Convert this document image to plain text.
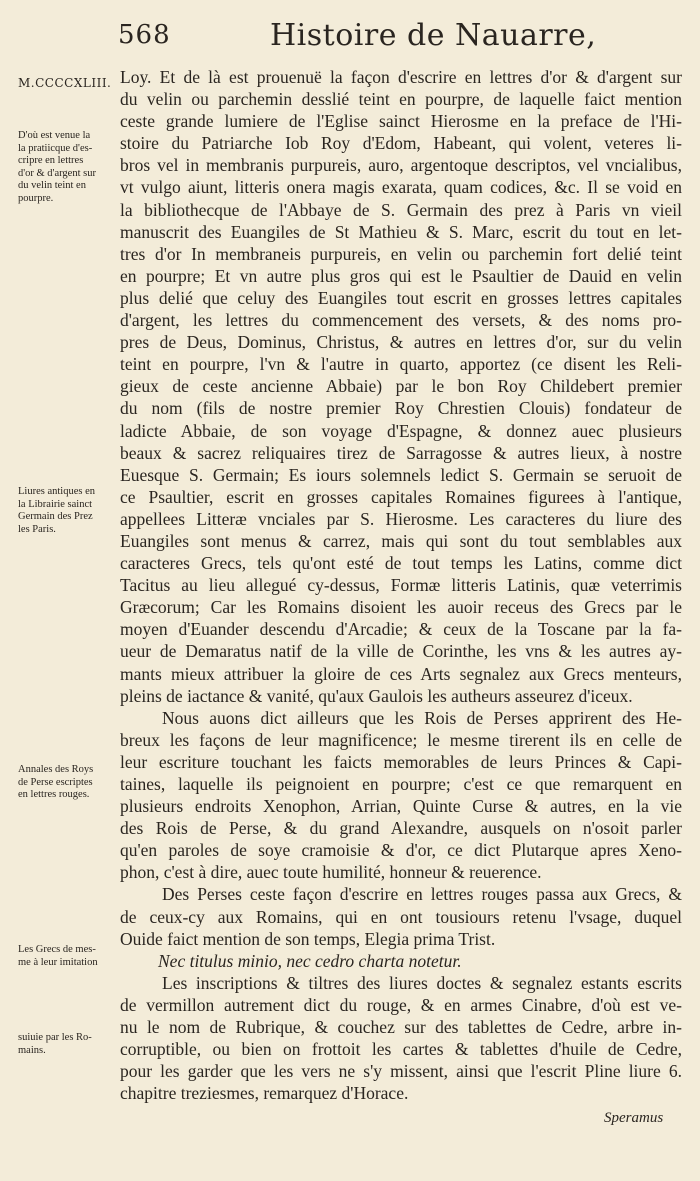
568	Histoire de Nauarre,
M.CCCCXLIII.
D'où est venue la
la pratiicque d'es-
cripre en lettres
d'or & d'argent sur
du velin teint en
pourpre.
Liures antiques en
la Librairie sainct
Germain des Prez
les Paris.
Annales des Roys
de Perse escriptes
en lettres rouges.
Les Grecs de mes-
me à leur imitation
suiuie par les Ro-
mains.
Loy. Et de là est prouenuë la façon d'escrire en lettres d'or & d'argent sur
du velin ou parchemin desslié teint en pourpre, de laquelle faict mention
ceste grande lumiere de l'Eglise sainct Hierosme en la preface de l'Hi-
stoire du Patriarche Iob Roy d'Edom, Habeant, qui volent, veteres li-
bros vel in membranis purpureis, auro, argentoque descriptos, vel vncialibus,
vt vulgo aiunt, litteris onera magis exarata, quam codices, &c. Il se void en
la bibliothecque de l'Abbaye de S. Germain des prez à Paris vn vieil
manuscrit des Euangiles de St Mathieu & S. Marc, escrit du tout en let-
tres d'or In membraneis purpureis, en velin ou parchemin fort delié teint
en pourpre; Et vn autre plus gros qui est le Psaultier de Dauid en velin
plus delié que celuy des Euangiles tout escrit en grosses lettres capitales
d'argent, les lettres du commencement des versets, & des noms pro-
pres de Deus, Dominus, Christus, & autres en lettres d'or, sur du velin
teint en pourpre, l'vn & l'autre in quarto, apportez (ce disent les Reli-
gieux de ceste ancienne Abbaie) par le bon Roy Childebert premier
du nom (fils de nostre premier Roy Chrestien Clouis) fondateur de
ladicte Abbaie, de son voyage d'Espagne, & donnez auec plusieurs
beaux & sacrez reliquaires tirez de Sarragosse & autres lieux, à nostre
Euesque S. Germain; Es iours solemnels ledict S. Germain se seruoit de
ce Psaultier, escrit en grosses capitales Romaines figurees à l'antique,
appellees Litteræ vnciales par S. Hierosme. Les caracteres du liure des
Euangiles sont menus & carrez, mais qui sont du tout semblables aux
caracteres Grecs, tels qu'ont esté de tout temps les Latins, comme dict
Tacitus au lieu allegué cy-dessus, Formæ litteris Latinis, quæ veterrimis
Græcorum; Car les Romains disoient les auoir receus des Grecs par le
moyen d'Euander descendu d'Arcadie; & ceux de la Toscane par la fa-
ueur de Demaratus natif de la ville de Corinthe, les vns & les autres ay-
mants mieux attribuer la gloire de ces Arts segnalez aux Grecs menteurs,
pleins de iactance & vanité, qu'aux Gaulois les autheurs asseurez d'iceux.
Nous auons dict ailleurs que les Rois de Perses apprirent des He-
breux les façons de leur magnificence; le mesme tirerent ils en celle de
leur escriture touchant les faicts memorables de leurs Princes & Capi-
taines, laquelle ils peignoient en pourpre; c'est ce que remarquent en
plusieurs endroits Xenophon, Arrian, Quinte Curse & autres, en la vie
des Rois de Perse, & du grand Alexandre, ausquels on n'osoit parler
qu'en paroles de soye cramoisie & d'or, ce dict Plutarque apres Xeno-
phon, c'est à dire, auec toute humilité, honneur & reuerence.
Des Perses ceste façon d'escrire en lettres rouges passa aux Grecs, &
de ceux-cy aux Romains, qui en ont tousiours retenu l'vsage, duquel
Ouide faict mention de son temps, Elegia prima Trist.
Nec titulus minio, nec cedro charta notetur.
Les inscriptions & tiltres des liures doctes & segnalez estants escrits
de vermillon autrement dict du rouge, & en armes Cinabre, d'où est ve-
nu le nom de Rubrique, & couchez sur des tablettes de Cedre, arbre in-
corruptible, ou bien on frottoit les cartes & tablettes d'huile de Cedre,
pour les garder que les vers ne s'y missent, ainsi que l'escrit Pline liure 6.
chapitre treziesmes, remarquez d'Horace.
Speramus
